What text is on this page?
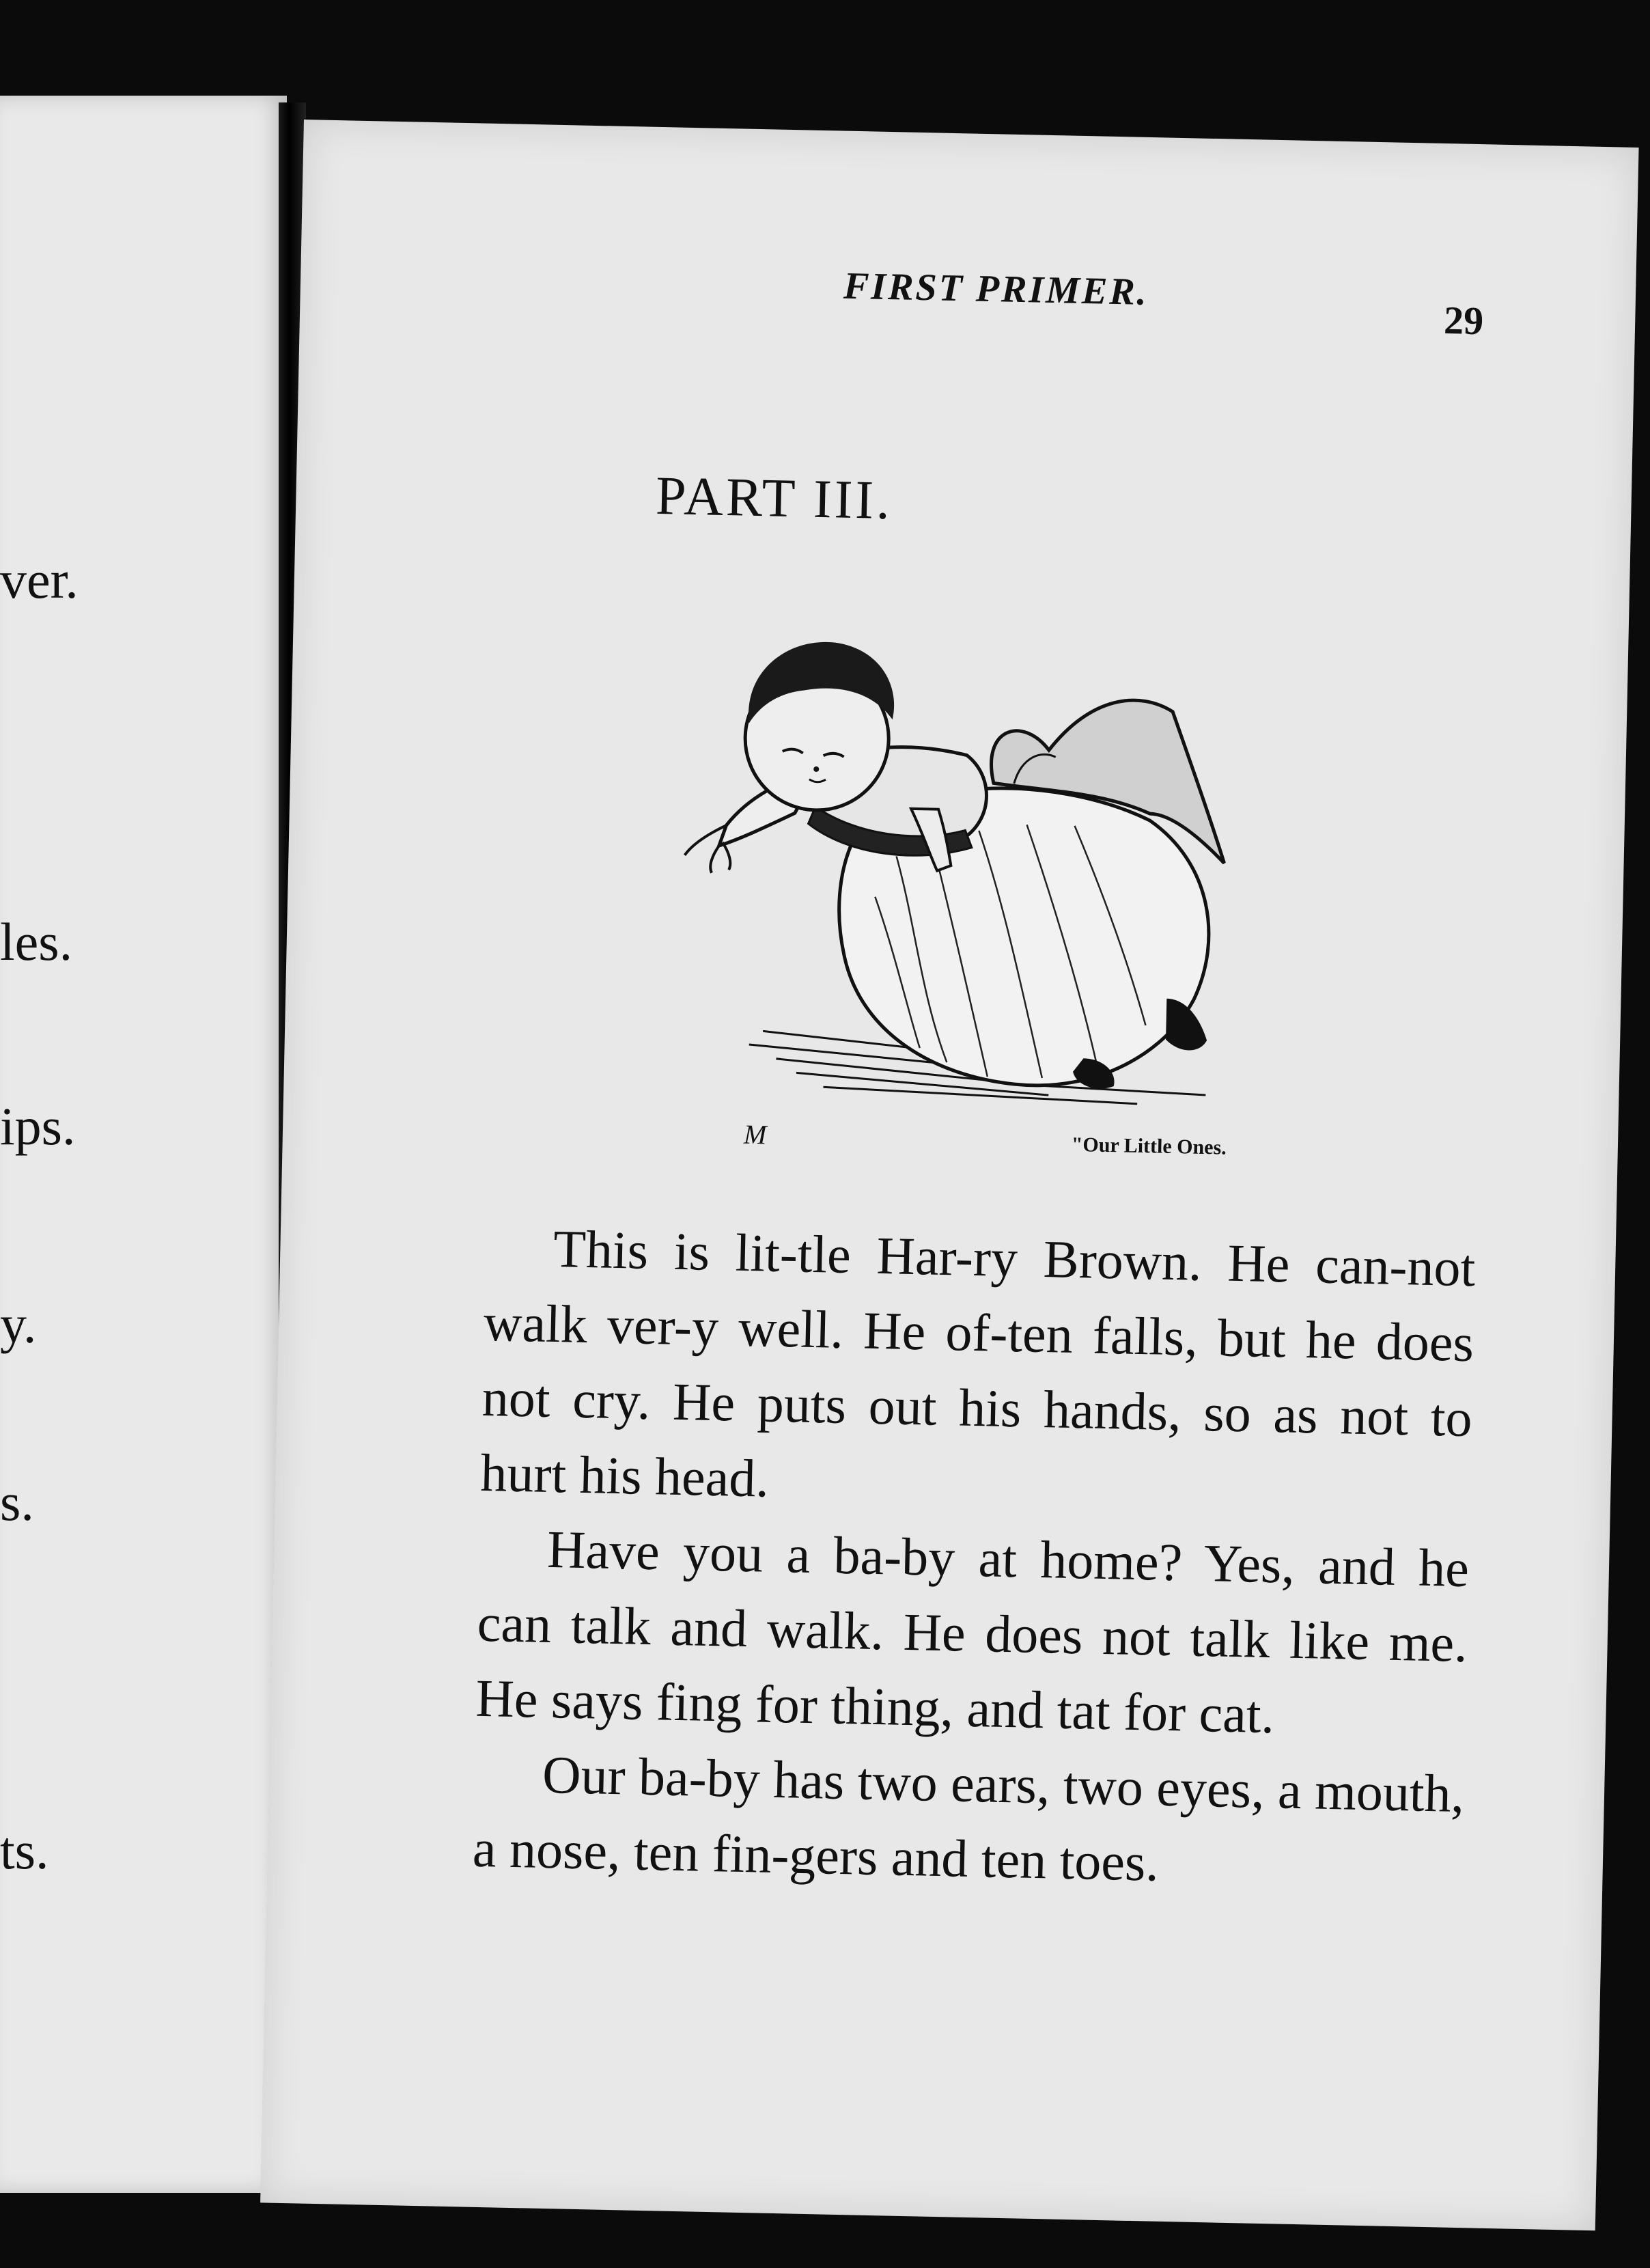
ver.
les.
ips.
y.
s.
ts.
FIRST PRIMER.
29
PART III.
M	"Our Little Ones.

This is lit-tle Har-ry Brown. He can-not walk ver-y well. He of-ten falls, but he does not cry. He puts out his hands, so as not to hurt his head.

Have you a ba-by at home? Yes, and he can talk and walk. He does not talk like me. He says fing for thing, and tat for cat.

Our ba-by has two ears, two eyes, a mouth, a nose, ten fin-gers and ten toes.
